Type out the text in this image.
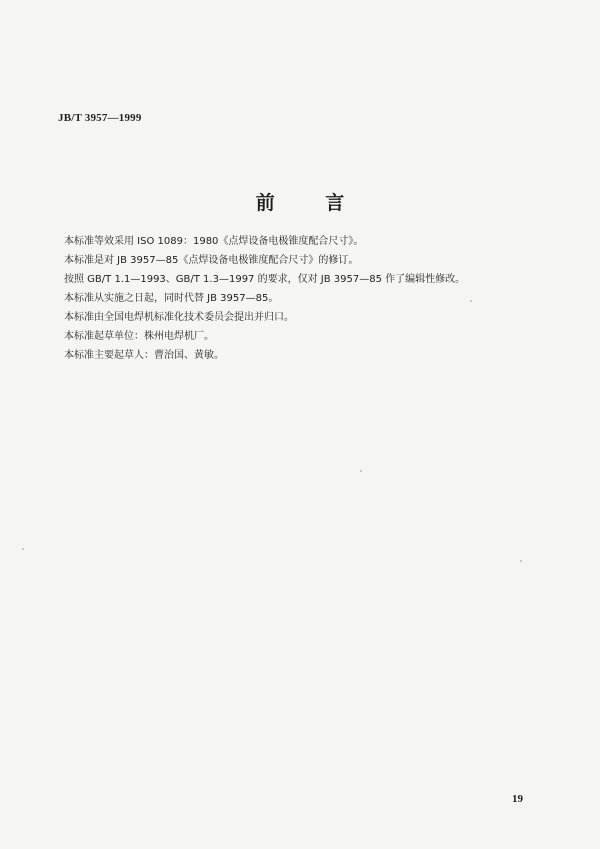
JB/T 3957—1999
前 言
本标准等效采用 ISO 1089：1980《点焊设备电极锥度配合尺寸》。
本标准是对 JB 3957—85《点焊设备电极锥度配合尺寸》的修订。
按照 GB/T 1.1—1993、GB/T 1.3—1997 的要求，仅对 JB 3957—85 作了编辑性修改。
本标准从实施之日起，同时代替 JB 3957—85。
本标准由全国电焊机标准化技术委员会提出并归口。
本标准起草单位：株州电焊机厂。
本标准主要起草人：曹治国、黄敏。
19
